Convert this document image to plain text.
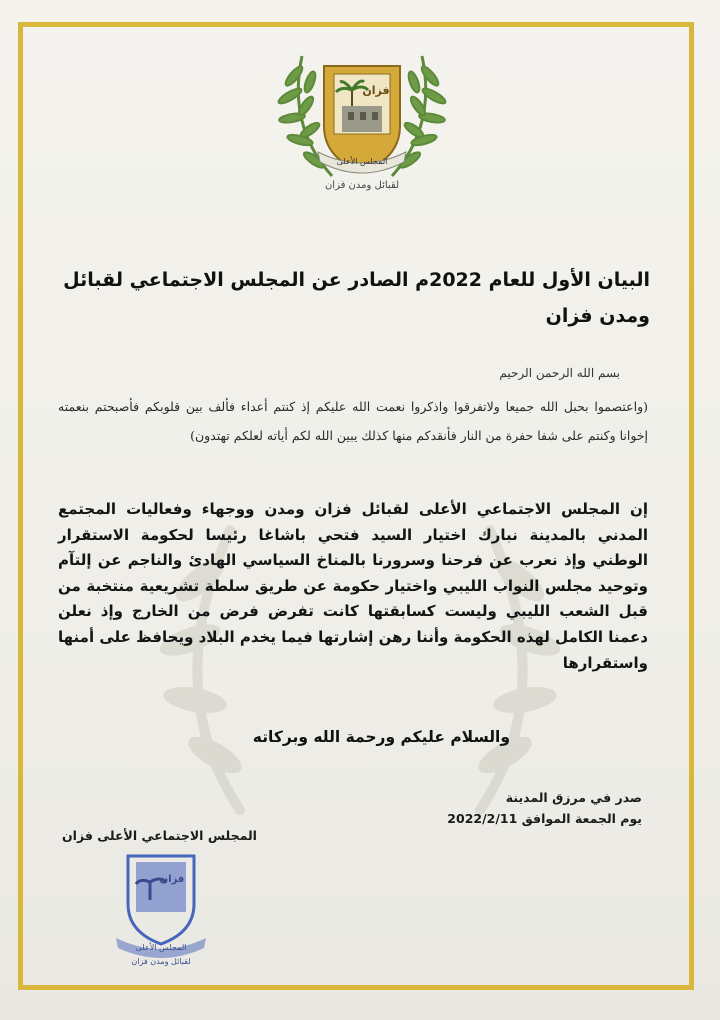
فزان
المجلس الأعلى
لقبائل ومدن فزان
البيان الأول للعام 2022م الصادر عن المجلس الاجتماعي لقبائل ومدن فزان
بسم الله الرحمن الرحيم
(واعتصموا بحبل الله جميعا ولاتفرقوا واذكروا نعمت الله عليكم إذ كنتم أعداء فألف بين قلوبكم فأصبحتم بنعمته إخوانا وكنتم على شفا حفرة من النار فأنقدكم منها كذلك يبين الله لكم أياته لعلكم تهتدون)
إن المجلس الاجتماعي الأعلى لقبائل فزان ومدن ووجهاء وفعاليات المجتمع المدني بالمدينة نبارك اختيار السيد فتحي باشاغا رئيسا لحكومة الاستقرار الوطني وإذ نعرب عن فرحنا وسرورنا بالمناخ السياسي الهادئ والناجم عن إلتآم وتوحيد مجلس النواب الليبي واختيار حكومة عن طريق سلطة تشريعية منتخبة من قبل الشعب الليبي وليست كسابقتها كانت تفرض فرض من الخارج وإذ نعلن دعمنا الكامل لهذه الحكومة وأننا رهن إشارتها فيما يخدم البلاد ويحافظ على أمنها واستقرارها
والسلام عليكم ورحمة الله وبركاته
صدر في مرزق المدينة
يوم الجمعة الموافق 2022/2/11
المجلس الاجتماعي الأعلى فزان
فزان
المجلس الأعلى
لقبائل ومدن فزان
